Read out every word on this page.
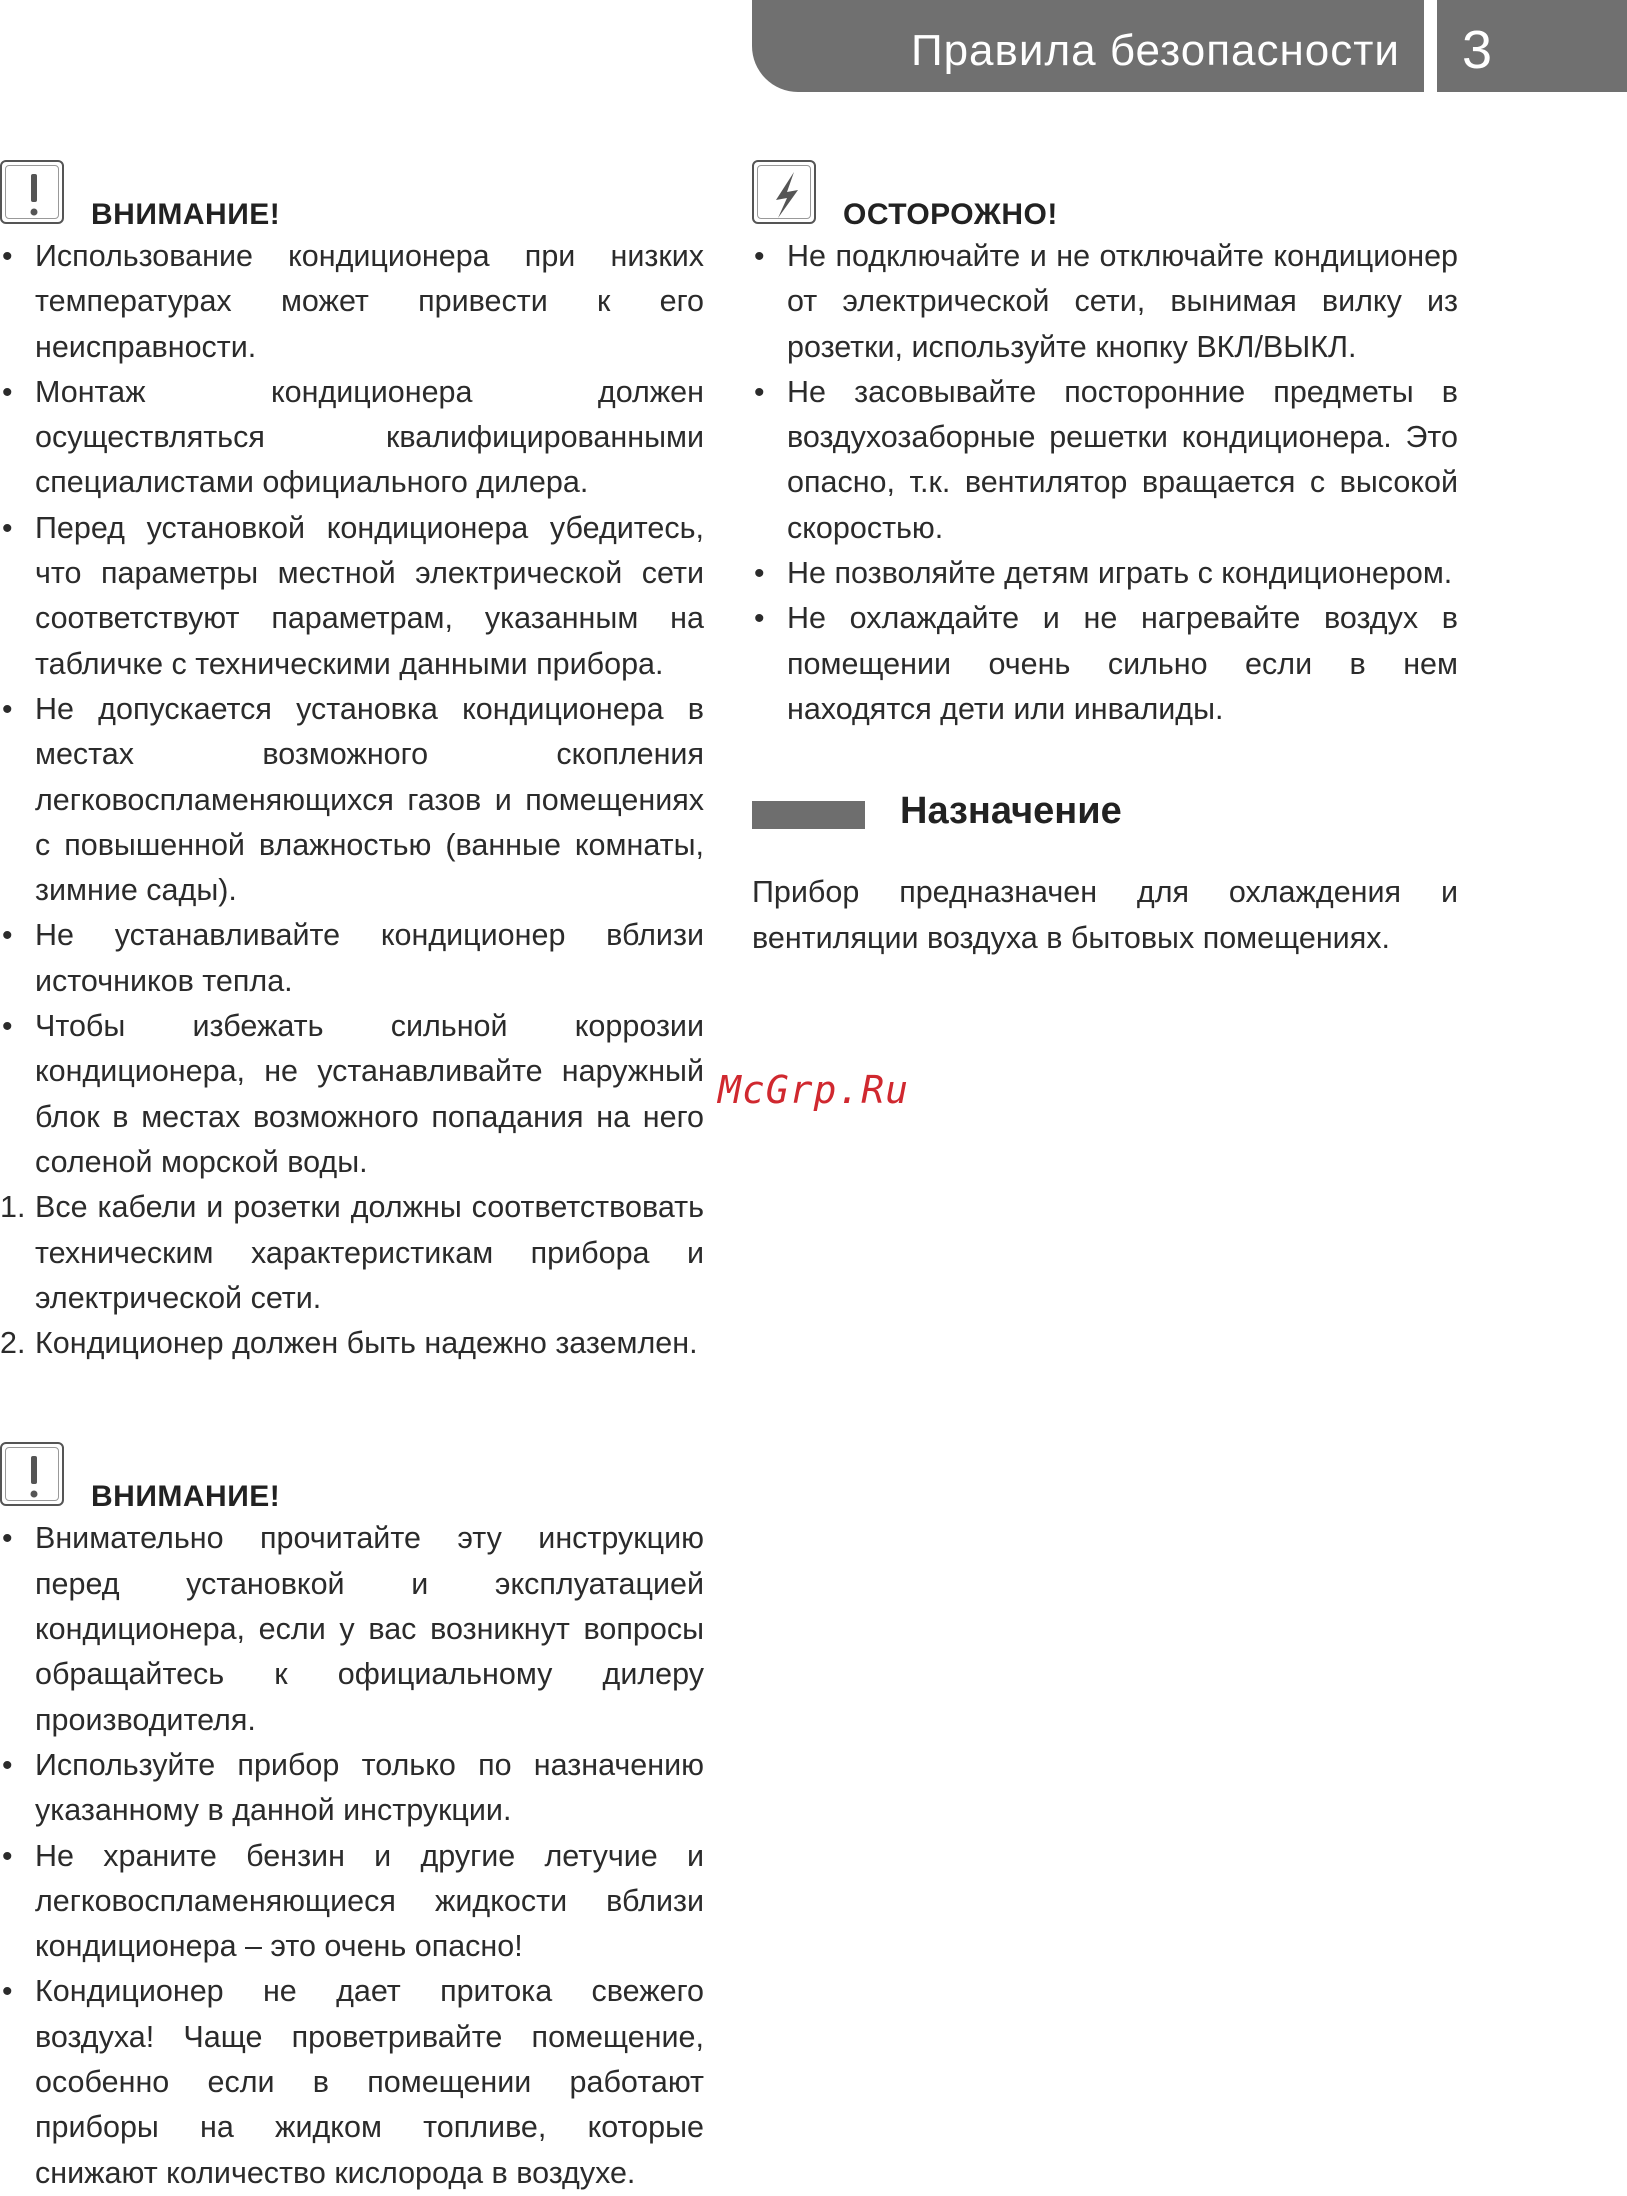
Правила безопасности	3
ВНИМАНИЕ!
• Использование кондиционера при низких температурах может привести к его неисправности.
• Монтаж кондиционера должен осуществляться квалифицированными специалистами официального дилера.
• Перед установкой кондиционера убедитесь, что параметры местной электрической сети соответствуют параметрам, указанным на табличке с техническими данными прибора.
• Не допускается установка кондиционера в местах возможного скопления легковоспламеняющихся газов и помещениях с повышенной влажностью (ванные комнаты, зимние сады).
• Не устанавливайте кондиционер вблизи источников тепла.
• Чтобы избежать сильной коррозии кондиционера, не устанавливайте наружный блок в местах возможного попадания на него соленой морской воды.
1. Все кабели и розетки должны соответствовать техническим характеристикам прибора и электрической сети.
2. Кондиционер должен быть надежно заземлен.
ВНИМАНИЕ!
• Внимательно прочитайте эту инструкцию перед установкой и эксплуатацией кондиционера, если у вас возникнут вопросы обращайтесь к официальному дилеру производителя.
• Используйте прибор только по назначению указанному в данной инструкции.
• Не храните бензин и другие летучие и легковоспламеняющиеся жидкости вблизи кондиционера – это очень опасно!
• Кондиционер не дает притока свежего воздуха! Чаще проветривайте помещение, особенно если в помещении работают приборы на жидком топливе, которые снижают количество кислорода в воздухе.
ОСТОРОЖНО!
• Не подключайте и не отключайте кондиционер от электрической сети, вынимая вилку из розетки, используйте кнопку ВКЛ/ВЫКЛ.
• Не засовывайте посторонние предметы в воздухозаборные решетки кондиционера. Это опасно, т.к. вентилятор вращается с высокой скоростью.
• Не позволяйте детям играть с кондиционером.
• Не охлаждайте и не нагревайте воздух в помещении очень сильно если в нем находятся дети или инвалиды.
Назначение
Прибор предназначен для охлаждения и вентиляции воздуха в бытовых помещениях.
McGrp.Ru
